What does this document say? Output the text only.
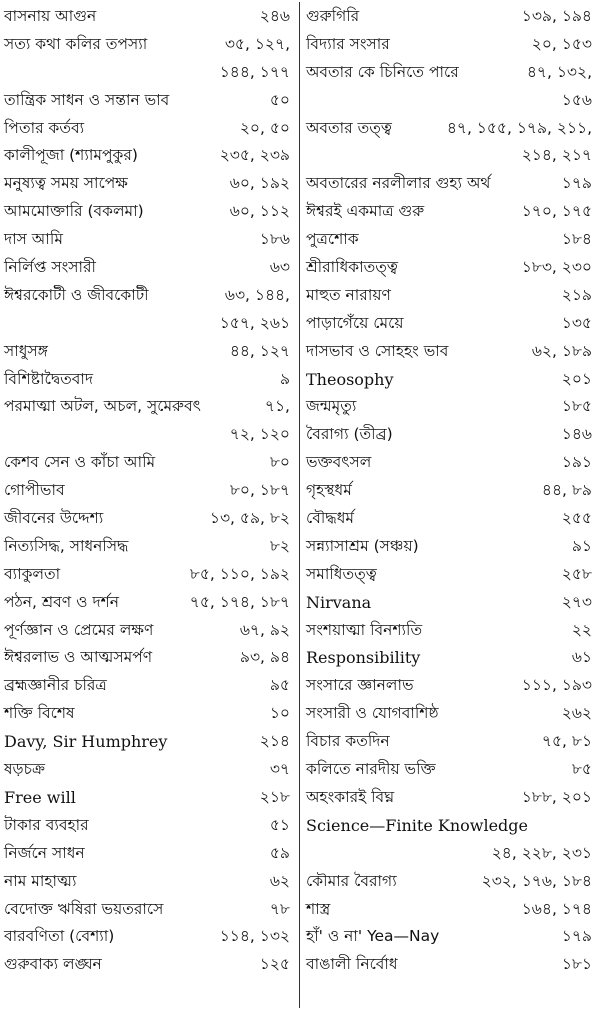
বাসনায় আগুন	২৪৬
সত্য কথা কলির তপস্যা	৩৫, ১২৭,
১৪৪, ১৭৭
তান্ত্রিক সাধন ও সন্তান ভাব	৫০
পিতার কর্তব্য	২০, ৫০
কালীপূজা (শ্যামপুকুর)	২৩৫, ২৩৯
মনুষ্যত্ব সময় সাপেক্ষ	৬০, ১৯২
আমমোক্তারি (বকলমা)	৬০, ১১২
দাস আমি	১৮৬
নির্লিপ্ত সংসারী	৬৩
ঈশ্বরকোটী ও জীবকোটী	৬৩, ১৪৪,
১৫৭, ২৬১
সাধুসঙ্গ	৪৪, ১২৭
বিশিষ্টাদ্বৈতবাদ	৯
পরমাত্মা অটল, অচল, সুমেরুবৎ	৭১,
৭২, ১২০
কেশব সেন ও কাঁচা আমি	৮০
গোপীভাব	৮০, ১৮৭
জীবনের উদ্দেশ্য	১৩, ৫৯, ৮২
নিত্যসিদ্ধ, সাধনসিদ্ধ	৮২
ব্যাকুলতা	৮৫, ১১০, ১৯২
পঠন, শ্রবণ ও দর্শন	৭৫, ১৭৪, ১৮৭
পূর্ণজ্ঞান ও প্রেমের লক্ষণ	৬৭, ৯২
ঈশ্বরলাভ ও আত্মসমর্পণ	৯৩, ৯৪
ব্রহ্মজ্ঞানীর চরিত্র	৯৫
শক্তি বিশেষ	১০
Davy, Sir Humphrey	২১৪
ষড়চক্র	৩৭
Free will	২১৮
টাকার ব্যবহার	৫১
নির্জনে সাধন	৫৯
নাম মাহাত্ম্য	৬২
বেদোক্ত ঋষিরা ভয়তরাসে	৭৮
বারবণিতা (বেশ্যা)	১১৪, ১৩২
গুরুবাক্য লঙ্ঘন	১২৫
গুরুগিরি	১৩৯, ১৯৪
বিদ্যার সংসার	২০, ১৫৩
অবতার কে চিনিতে পারে	৪৭, ১৩২,
১৫৬
অবতার তত্ত্ব	৪৭, ১৫৫, ১৭৯, ২১১,
২১৪, ২১৭
অবতারের নরলীলার গুহ্য অর্থ	১৭৯
ঈশ্বরই একমাত্র গুরু	১৭০, ১৭৫
পুত্রশোক	১৮৪
শ্রীরাধিকাতত্ত্ব	১৮৩, ২৩০
মাহুত নারায়ণ	২১৯
পাড়াগেঁয়ে মেয়ে	১৩৫
দাসভাব ও সোহহং ভাব	৬২, ১৮৯
Theosophy	২০১
জন্মমৃত্যু	১৮৫
বৈরাগ্য (তীব্র)	১৪৬
ভক্তবৎসল	১৯১
গৃহস্থধর্ম	৪৪, ৮৯
বৌদ্ধধর্ম	২৫৫
সন্ন্যাসাশ্রম (সঞ্চয়)	৯১
সমাধিতত্ত্ব	২৫৮
Nirvana	২৭৩
সংশয়াত্মা বিনশ্যতি	২২
Responsibility	৬১
সংসারে জ্ঞানলাভ	১১১, ১৯৩
সংসারী ও যোগবাশিষ্ঠ	২৬২
বিচার কতদিন	৭৫, ৮১
কলিতে নারদীয় ভক্তি	৮৫
অহংকারই বিঘ্ন	১৮৮, ২০১
Science—Finite Knowledge
২৪, ২২৮, ২৩১
কৌমার বৈরাগ্য	২৩২, ১৭৬, ১৮৪
শাস্ত্র	১৬৪, ১৭৪
হাঁ' ও না' Yea—Nay	১৭৯
বাঙালী নির্বোধ	১৮১
